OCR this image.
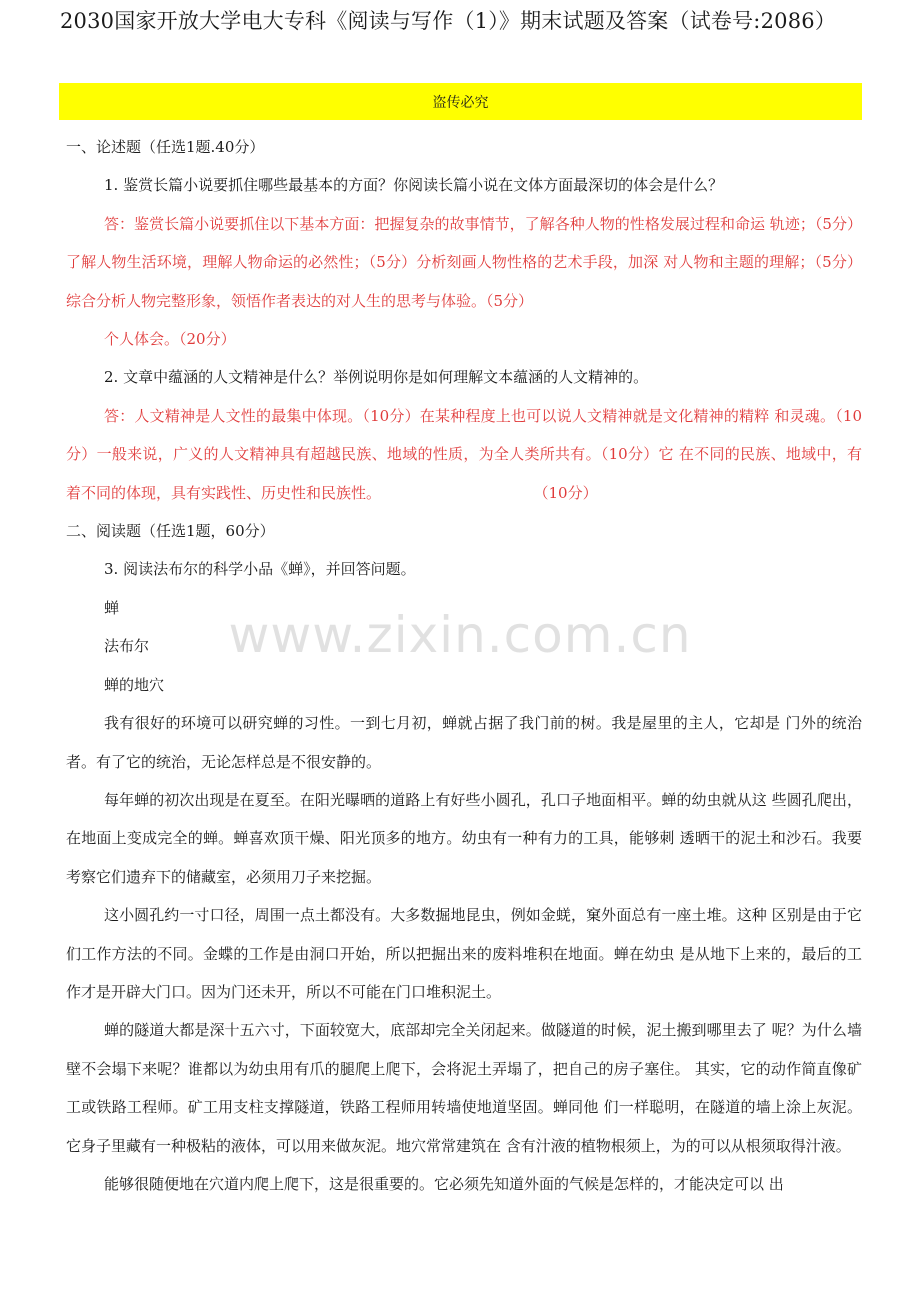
2030国家开放大学电大专科《阅读与写作（1）》期末试题及答案（试卷号:2086）
盗传必究

一、论述题（任选1题.40分）

1. 鉴赏长篇小说要抓住哪些最基本的方面？你阅读长篇小说在文体方面最深切的体会是什么？

答：鉴赏长篇小说要抓住以下基本方面：把握复杂的故事情节，了解各种人物的性格发展过程和命运 轨迹；（5分）了解人物生活环境，理解人物命运的必然性；（5分）分析刻画人物性格的艺术手段，加深 对人物和主题的理解；（5分）综合分析人物完整形象，领悟作者表达的对人生的思考与体验。（5分）

个人体会。（20分）

2. 文章中蕴涵的人文精神是什么？举例说明你是如何理解文本蕴涵的人文精神的。

答：人文精神是人文性的最集中体现。（10分）在某种程度上也可以说人文精神就是文化精神的精粹 和灵魂。（10分）一般来说，广义的人文精神具有超越民族、地域的性质，为全人类所共有。（10分）它 在不同的民族、地域中，有着不同的体现，具有实践性、历史性和民族性。	（10分）

二、阅读题（任选1题，60分）

3. 阅读法布尔的科学小品《蝉》，并回答问题。

蝉

法布尔

蝉的地穴

我有很好的环境可以研究蝉的习性。一到七月初，蝉就占据了我门前的树。我是屋里的主人，它却是 门外的统治者。有了它的统治，无论怎样总是不很安静的。

每年蝉的初次出现是在夏至。在阳光曝晒的道路上有好些小圆孔，孔口子地面相平。蝉的幼虫就从这 些圆孔爬出，在地面上变成完全的蝉。蝉喜欢顶干燥、阳光顶多的地方。幼虫有一种有力的工具，能够刺 透晒干的泥土和沙石。我要考察它们遗弃下的储藏室，必须用刀子来挖掘。

这小圆孔约一寸口径，周围一点土都没有。大多数掘地昆虫，例如金蜣，窠外面总有一座土堆。这种 区别是由于它们工作方法的不同。金蝶的工作是由洞口开始，所以把掘出来的废料堆积在地面。蝉在幼虫 是从地下上来的，最后的工作才是开辟大门口。因为门还未开，所以不可能在门口堆积泥土。

蝉的隧道大都是深十五六寸，下面较宽大，底部却完全关闭起来。做隧道的时候，泥土搬到哪里去了 呢？为什么墙壁不会塌下来呢？谁都以为幼虫用有爪的腿爬上爬下，会将泥土弄塌了，把自己的房子塞住。 其实，它的动作简直像矿工或铁路工程师。矿工用支柱支撑隧道，铁路工程师用转墙使地道坚固。蝉同他 们一样聪明，在隧道的墙上涂上灰泥。它身子里藏有一种极粘的液体，可以用来做灰泥。地穴常常建筑在 含有汁液的植物根须上，为的可以从根须取得汁液。

能够很随便地在穴道内爬上爬下，这是很重要的。它必须先知道外面的气候是怎样的，才能决定可以 出

www.zixin.com.cn
